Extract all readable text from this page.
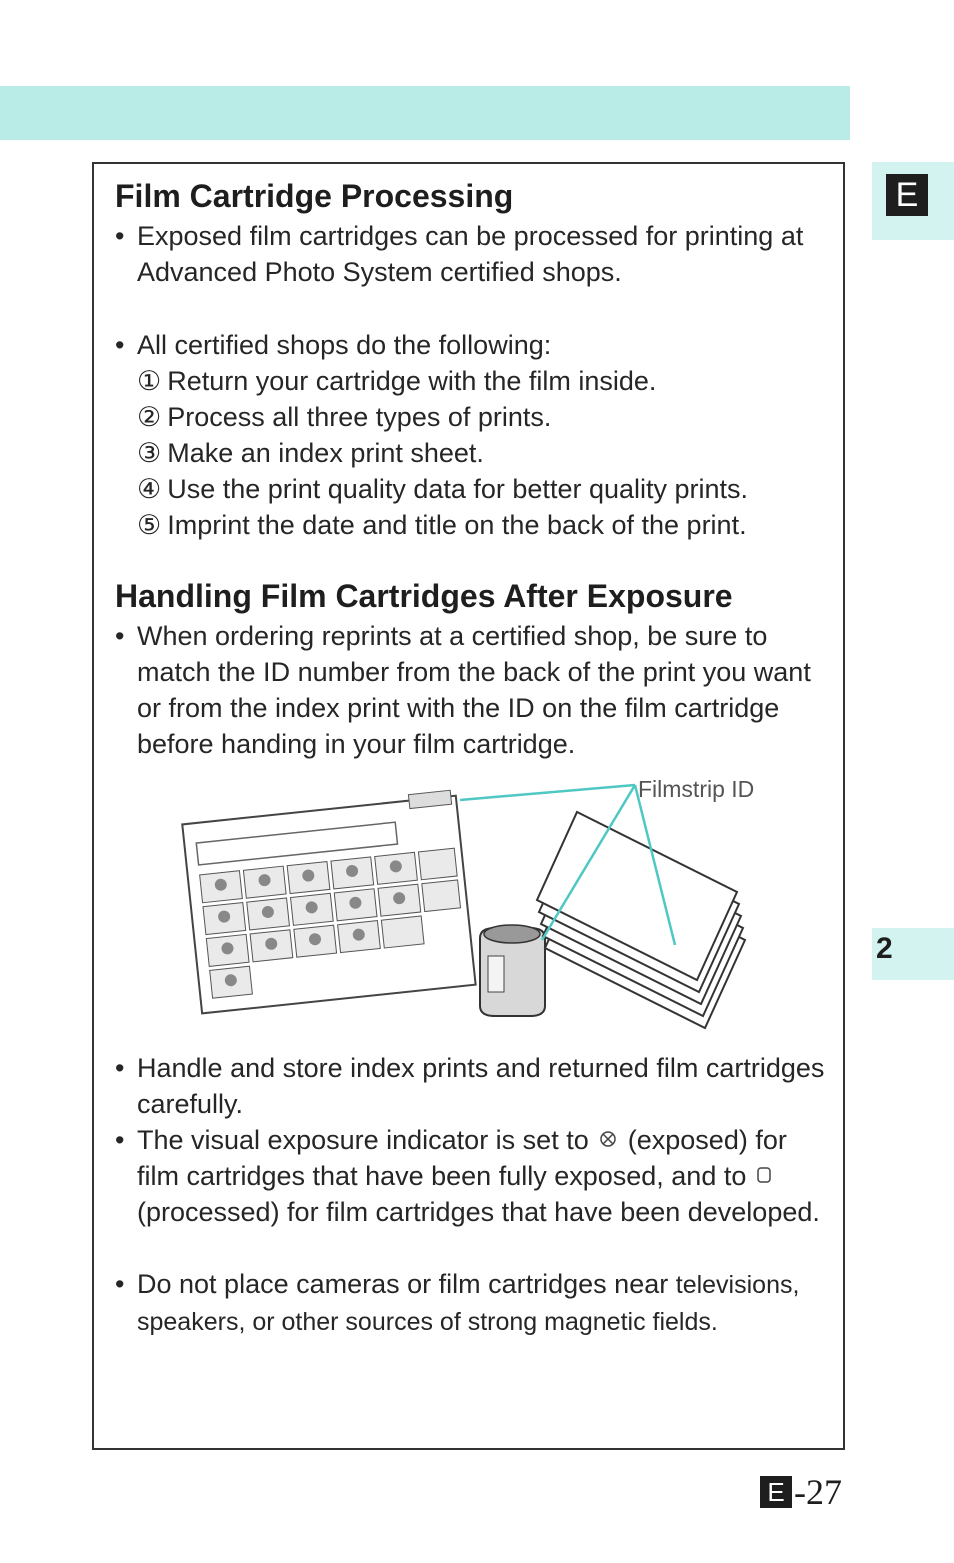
E
2
Film Cartridge Processing
• Exposed film cartridges can be processed for printing at Advanced Photo System certified shops.
• All certified shops do the following:
① Return your cartridge with the film inside.
② Process all three types of prints.
③ Make an index print sheet.
④ Use the print quality data for better quality prints.
⑤ Imprint the date and title on the back of the print.
Handling Film Cartridges After Exposure
• When ordering reprints at a certified shop, be sure to match the ID number from the back of the print you want or from the index print with the ID on the film cartridge before handing in your film cartridge.
Filmstrip ID
• Handle and store index prints and returned film cartridges carefully.
• The visual exposure indicator is set to (exposed) for film cartridges that have been fully exposed, and to  (processed) for film cartridges that have been developed.
• Do not place cameras or film cartridges near televisions, speakers, or other sources of strong magnetic fields.
E -27
